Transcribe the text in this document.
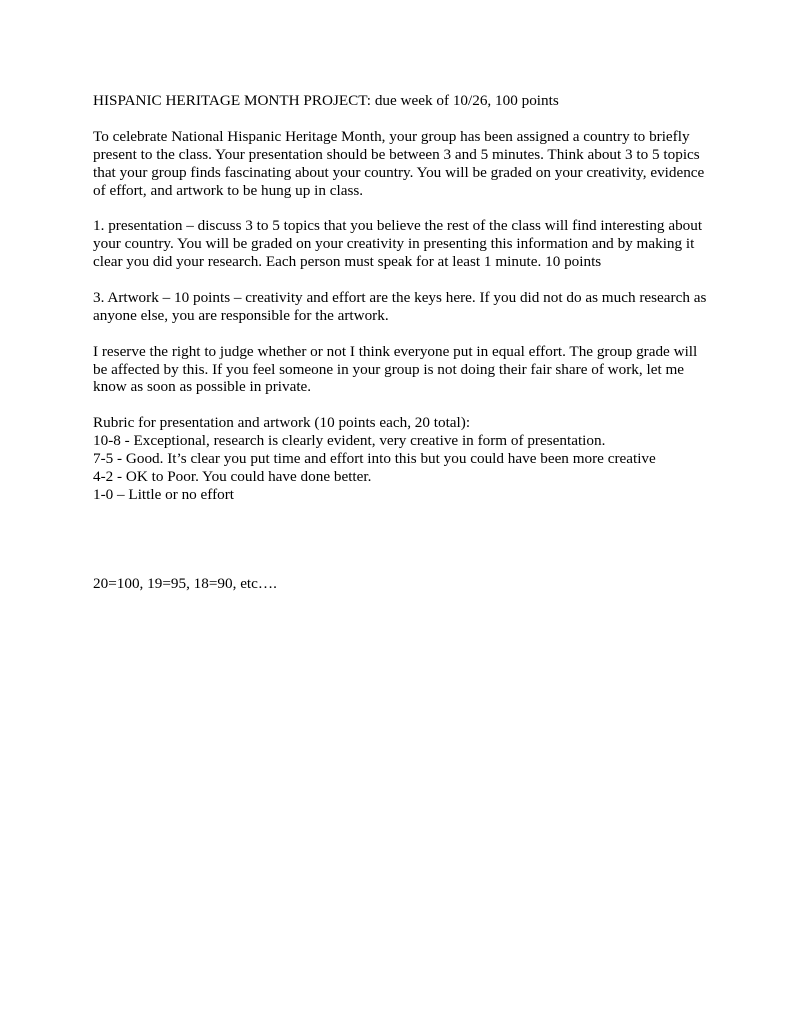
HISPANIC HERITAGE MONTH PROJECT: due week of 10/26, 100 points

To celebrate National Hispanic Heritage Month, your group has been assigned a country to briefly present to the class. Your presentation should be between 3 and 5 minutes. Think about 3 to 5 topics that your group finds fascinating about your country. You will be graded on your creativity, evidence of effort, and artwork to be hung up in class.

1. presentation – discuss 3 to 5 topics that you believe the rest of the class will find interesting about your country. You will be graded on your creativity in presenting this information and by making it clear you did your research. Each person must speak for at least 1 minute. 10 points

3. Artwork – 10 points – creativity and effort are the keys here. If you did not do as much research as anyone else, you are responsible for the artwork.

I reserve the right to judge whether or not I think everyone put in equal effort. The group grade will be affected by this. If you feel someone in your group is not doing their fair share of work, let me know as soon as possible in private.

Rubric for presentation and artwork (10 points each, 20 total):

10-8 - Exceptional, research is clearly evident, very creative in form of presentation.

7-5 - Good. It’s clear you put time and effort into this but you could have been more creative

4-2 - OK to Poor. You could have done better.

1-0 – Little or no effort

20=100, 19=95, 18=90, etc….
